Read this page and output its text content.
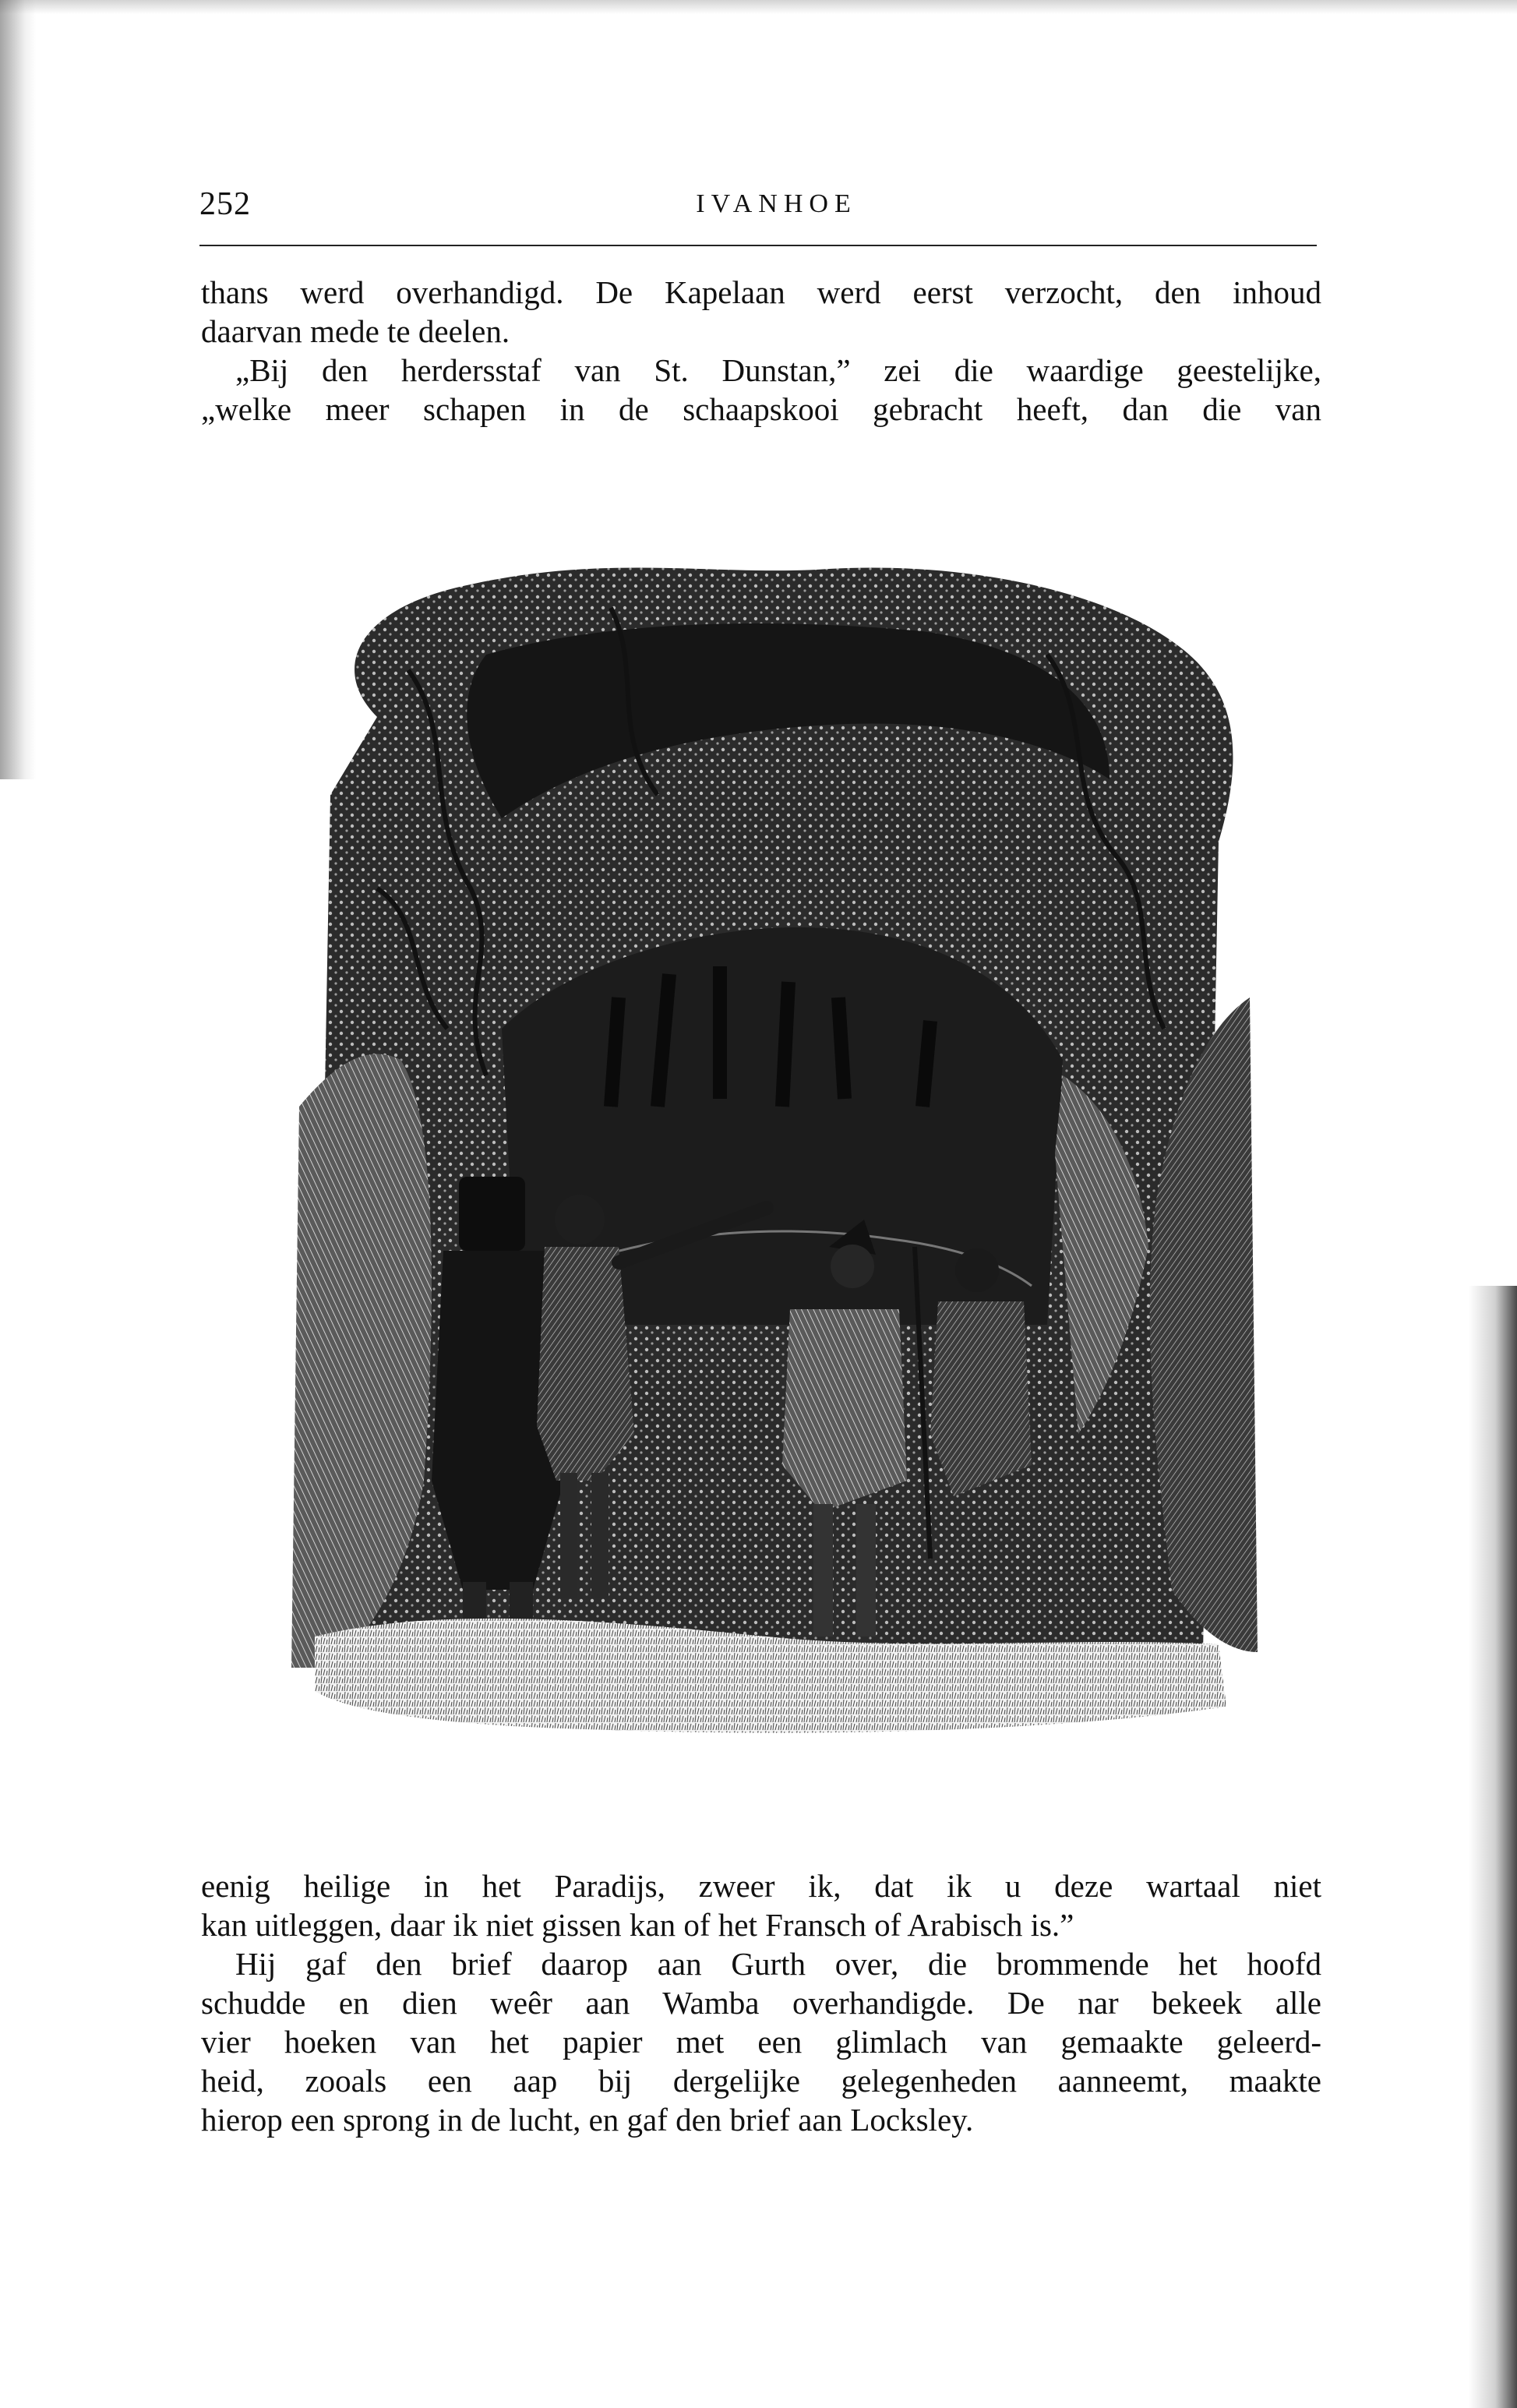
252	IVANHOE
thans werd overhandigd. De Kapelaan werd eerst verzocht, den inhoud
daarvan mede te deelen.
„Bij den herdersstaf van St. Dunstan,” zei die waardige geestelijke,
„welke meer schapen in de schaapskooi gebracht heeft, dan die van
eenig heilige in het Paradijs, zweer ik, dat ik u deze wartaal niet
kan uitleggen, daar ik niet gissen kan of het Fransch of Arabisch is.”
Hij gaf den brief daarop aan Gurth over, die brommende het hoofd
schudde en dien weêr aan Wamba overhandigde. De nar bekeek alle
vier hoeken van het papier met een glimlach van gemaakte geleerd-
heid, zooals een aap bij dergelijke gelegenheden aanneemt, maakte
hierop een sprong in de lucht, en gaf den brief aan Locksley.
